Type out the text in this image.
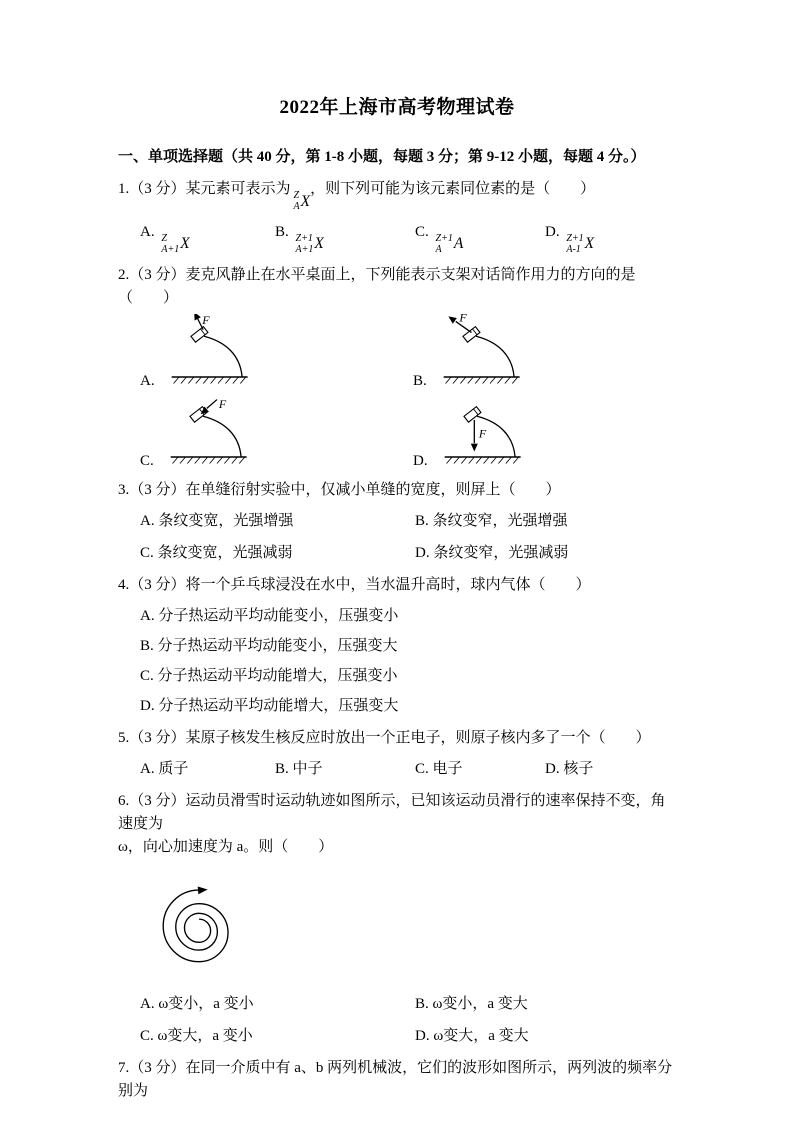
2022年上海市高考物理试卷

一、单项选择题（共 40 分，第 1-8 小题，每题 3 分；第 9-12 小题，每题 4 分。）

1.（3 分）某元素可表示为 Z
A X
，则下列可能为该元素同位素的是（　　）

A. Z
A+1 X
B. Z+1
A+1 X
C. Z+1
A A
D. Z+1
A-1 X

2.（3 分）麦克风静止在水平桌面上，下列能表示支架对话筒作用力的方向的是（　　）

A.
F
B.
F
C.
F
D.
F

3.（3 分）在单缝衍射实验中，仅减小单缝的宽度，则屏上（　　）

A. 条纹变宽，光强增强	B. 条纹变窄，光强增强
C. 条纹变宽，光强减弱	D. 条纹变窄，光强减弱

4.（3 分）将一个乒乓球浸没在水中，当水温升高时，球内气体（　　）

A. 分子热运动平均动能变小，压强变小

B. 分子热运动平均动能变小，压强变大

C. 分子热运动平均动能增大，压强变小

D. 分子热运动平均动能增大，压强变大

5.（3 分）某原子核发生核反应时放出一个正电子，则原子核内多了一个（　　）

A. 质子	B. 中子	C. 电子	D. 核子

6.（3 分）运动员滑雪时运动轨迹如图所示，已知该运动员滑行的速率保持不变，角速度为
ω，向心加速度为 a。则（　　）

A. ω变小，a 变小	B. ω变小，a 变大
C. ω变大，a 变小	D. ω变大，a 变大

7.（3 分）在同一介质中有 a、b 两列机械波，它们的波形如图所示，两列波的频率分别为
